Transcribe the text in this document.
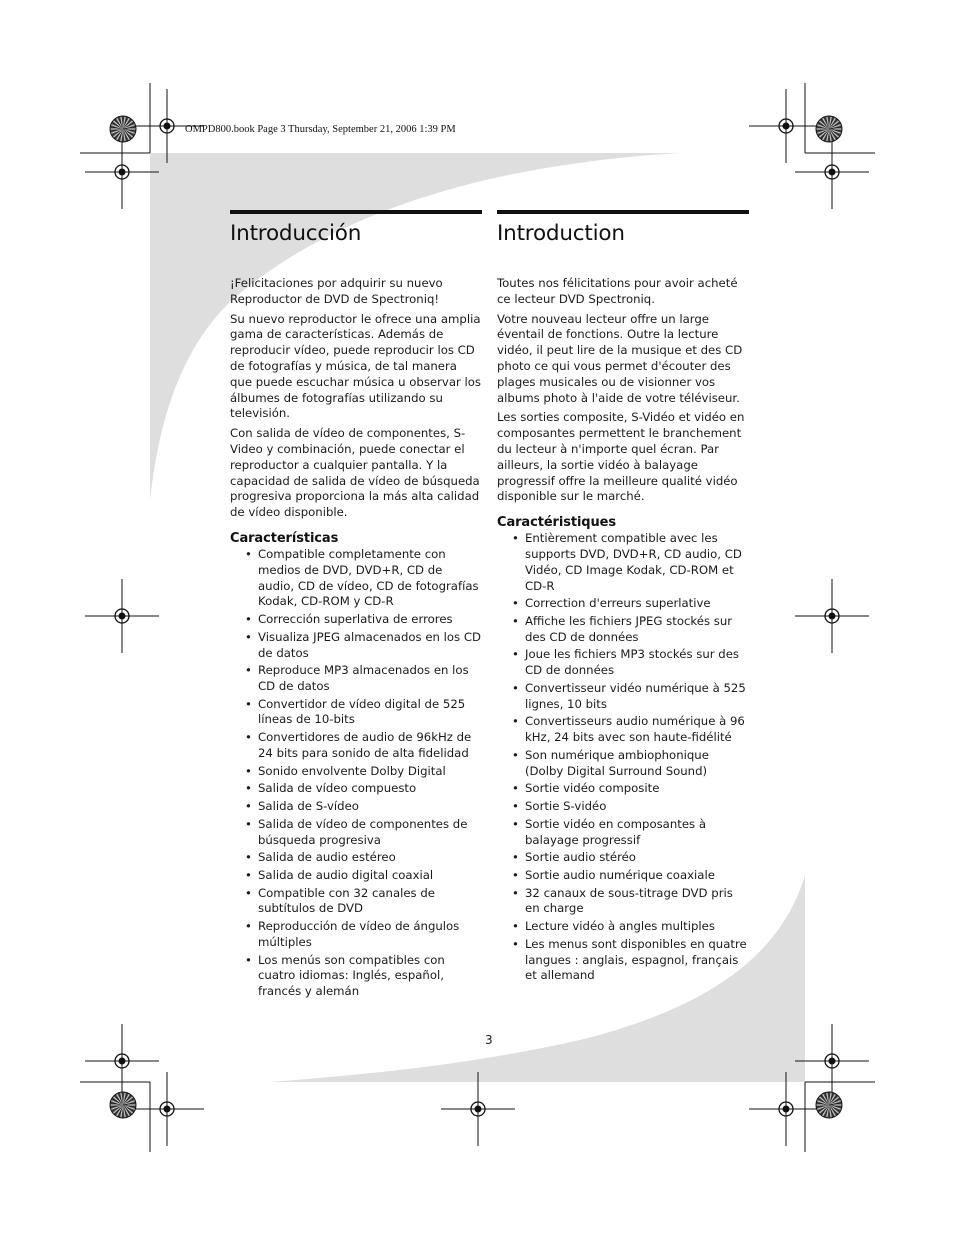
OMPD800.book Page 3 Thursday, September 21, 2006 1:39 PM
Introducción

¡Felicitaciones por adquirir su nuevo Reproductor de DVD de Spectroniq!

Su nuevo reproductor le ofrece una amplia gama de características. Además de reproducir vídeo, puede reproducir los CD de fotografías y música, de tal manera que puede escuchar música u observar los álbumes de fotografías utilizando su televisión.

Con salida de vídeo de componentes, S-Video y combinación, puede conectar el reproductor a cualquier pantalla. Y la capacidad de salida de vídeo de búsqueda progresiva proporciona la más alta calidad de vídeo disponible.

Características
• Compatible completamente con medios de DVD, DVD+R, CD de audio, CD de vídeo, CD de fotografías Kodak, CD-ROM y CD-R
• Corrección superlativa de errores
• Visualiza JPEG almacenados en los CD de datos
• Reproduce MP3 almacenados en los CD de datos
• Convertidor de vídeo digital de 525 líneas de 10-bits
• Convertidores de audio de 96kHz de 24 bits para sonido de alta fidelidad
• Sonido envolvente Dolby Digital
• Salida de vídeo compuesto
• Salida de S-vídeo
• Salida de vídeo de componentes de búsqueda progresiva
• Salida de audio estéreo
• Salida de audio digital coaxial
• Compatible con 32 canales de subtítulos de DVD
• Reproducción de vídeo de ángulos múltiples
• Los menús son compatibles con cuatro idiomas: Inglés, español, francés y alemán
Introduction

Toutes nos félicitations pour avoir acheté ce lecteur DVD Spectroniq.

Votre nouveau lecteur offre un large éventail de fonctions. Outre la lecture vidéo, il peut lire de la musique et des CD photo ce qui vous permet d'écouter des plages musicales ou de visionner vos albums photo à l'aide de votre téléviseur.

Les sorties composite, S-Vidéo et vidéo en composantes permettent le branchement du lecteur à n'importe quel écran. Par ailleurs, la sortie vidéo à balayage progressif offre la meilleure qualité vidéo disponible sur le marché.

Caractéristiques
• Entièrement compatible avec les supports DVD, DVD+R, CD audio, CD Vidéo, CD Image Kodak, CD-ROM et CD-R
• Correction d'erreurs superlative
• Affiche les fichiers JPEG stockés sur des CD de données
• Joue les fichiers MP3 stockés sur des CD de données
• Convertisseur vidéo numérique à 525 lignes, 10 bits
• Convertisseurs audio numérique à 96 kHz, 24 bits avec son haute-fidélité
• Son numérique ambiophonique (Dolby Digital Surround Sound)
• Sortie vidéo composite
• Sortie S-vidéo
• Sortie vidéo en composantes à balayage progressif
• Sortie audio stéréo
• Sortie audio numérique coaxiale
• 32 canaux de sous-titrage DVD pris en charge
• Lecture vidéo à angles multiples
• Les menus sont disponibles en quatre langues : anglais, espagnol, français et allemand
3
